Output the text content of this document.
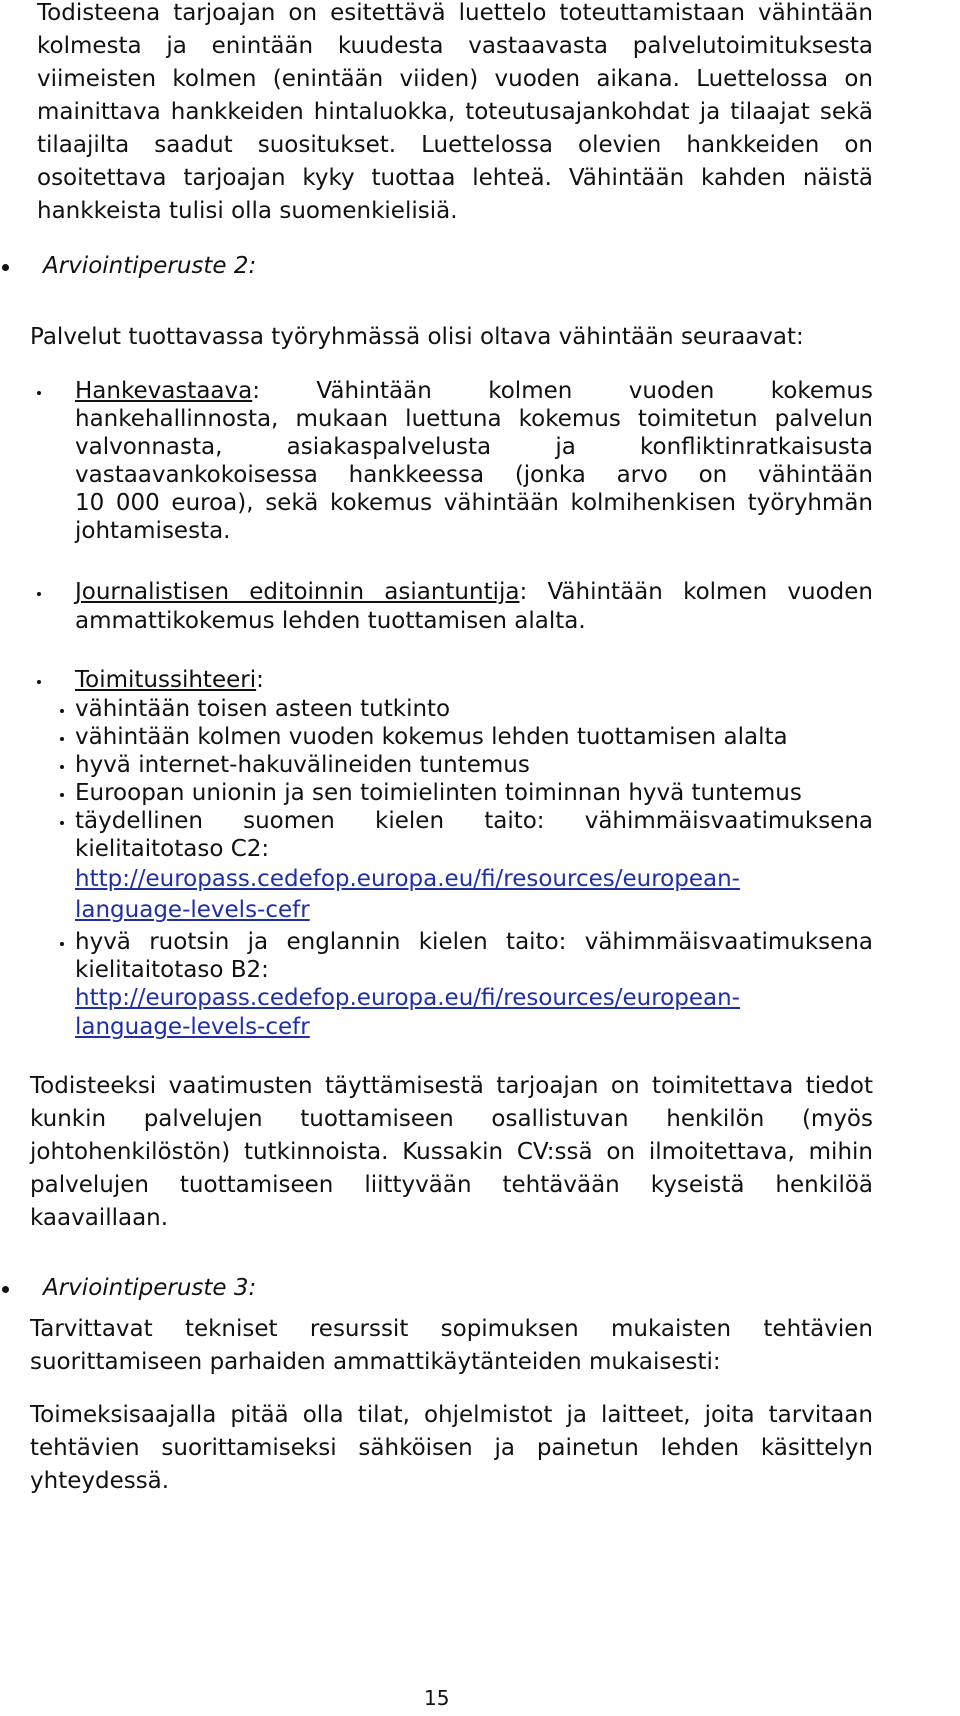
Todisteena tarjoajan on esitettävä luettelo toteuttamistaan vähintään
kolmesta ja enintään kuudesta vastaavasta palvelutoimituksesta
viimeisten kolmen (enintään viiden) vuoden aikana. Luettelossa on
mainittava hankkeiden hintaluokka, toteutusajankohdat ja tilaajat sekä
tilaajilta saadut suositukset. Luettelossa olevien hankkeiden on
osoitettava tarjoajan kyky tuottaa lehteä. Vähintään kahden näistä
hankkeista tulisi olla suomenkielisiä.
Arviointiperuste 2:
Palvelut tuottavassa työryhmässä olisi oltava vähintään seuraavat:
Hankevastaava: Vähintään kolmen vuoden kokemus
hankehallinnosta, mukaan luettuna kokemus toimitetun palvelun
valvonnasta, asiakaspalvelusta ja konfliktinratkaisusta
vastaavankokoisessa hankkeessa (jonka arvo on vähintään
10 000 euroa), sekä kokemus vähintään kolmihenkisen työryhmän
johtamisesta.
Journalistisen editoinnin asiantuntija: Vähintään kolmen vuoden
ammattikokemus lehden tuottamisen alalta.
Toimitussihteeri:
vähintään toisen asteen tutkinto
vähintään kolmen vuoden kokemus lehden tuottamisen alalta
hyvä internet-hakuvälineiden tuntemus
Euroopan unionin ja sen toimielinten toiminnan hyvä tuntemus
täydellinen suomen kielen taito: vähimmäisvaatimuksena
kielitaitotaso C2:
http://europass.cedefop.europa.eu/fi/resources/european-
language-levels-cefr
hyvä ruotsin ja englannin kielen taito: vähimmäisvaatimuksena
kielitaitotaso B2:
http://europass.cedefop.europa.eu/fi/resources/european-
language-levels-cefr
Todisteeksi vaatimusten täyttämisestä tarjoajan on toimitettava tiedot
kunkin palvelujen tuottamiseen osallistuvan henkilön (myös
johtohenkilöstön) tutkinnoista. Kussakin CV:ssä on ilmoitettava, mihin
palvelujen tuottamiseen liittyvään tehtävään kyseistä henkilöä
kaavaillaan.
Arviointiperuste 3:
Tarvittavat tekniset resurssit sopimuksen mukaisten tehtävien
suorittamiseen parhaiden ammattikäytänteiden mukaisesti:
Toimeksisaajalla pitää olla tilat, ohjelmistot ja laitteet, joita tarvitaan
tehtävien suorittamiseksi sähköisen ja painetun lehden käsittelyn
yhteydessä.
15
